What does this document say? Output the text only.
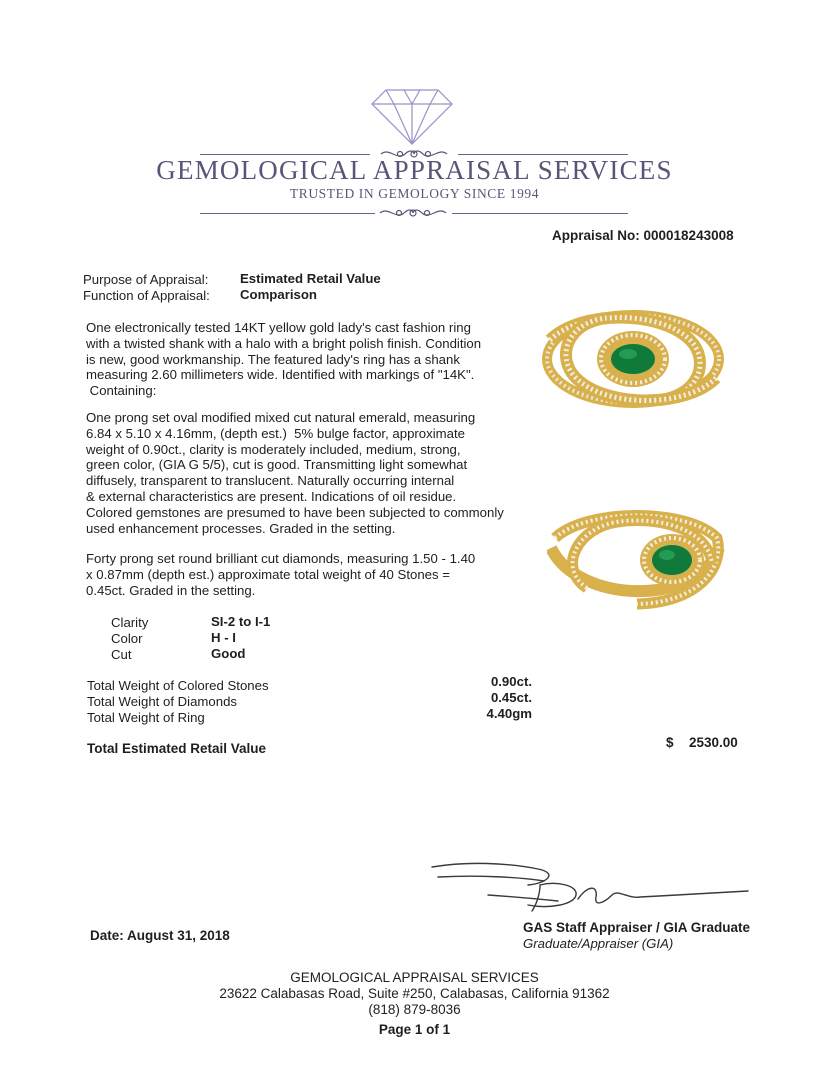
GEMOLOGICAL APPRAISAL SERVICES
TRUSTED IN GEMOLOGY SINCE 1994
Appraisal No: 000018243008
Purpose of Appraisal: Estimated Retail Value
Function of Appraisal: Comparison
One electronically tested 14KT yellow gold lady's cast fashion ring
with a twisted shank with a halo with a bright polish finish. Condition
is new, good workmanship. The featured lady's ring has a shank
measuring 2.60 millimeters wide. Identified with markings of "14K".
Containing:
One prong set oval modified mixed cut natural emerald, measuring
6.84 x 5.10 x 4.16mm, (depth est.)  5% bulge factor, approximate
weight of 0.90ct., clarity is moderately included, medium, strong,
green color, (GIA G 5/5), cut is good. Transmitting light somewhat
diffusely, transparent to translucent. Naturally occurring internal
& external characteristics are present. Indications of oil residue.
Colored gemstones are presumed to have been subjected to commonly
used enhancement processes. Graded in the setting.
Forty prong set round brilliant cut diamonds, measuring 1.50 - 1.40
x 0.87mm (depth est.) approximate total weight of 40 Stones =
0.45ct. Graded in the setting.
Clarity	SI-2 to I-1
Color	H - I
Cut	Good
Total Weight of Colored Stones	0.90ct.
Total Weight of Diamonds	0.45ct.
Total Weight of Ring	4.40gm
Total Estimated Retail Value	$ 2530.00
GAS Staff Appraiser / GIA Graduate
Graduate/Appraiser (GIA)
Date: August 31, 2018
GEMOLOGICAL APPRAISAL SERVICES
23622 Calabasas Road, Suite #250, Calabasas, California 91362
(818) 879-8036
Page 1 of 1
